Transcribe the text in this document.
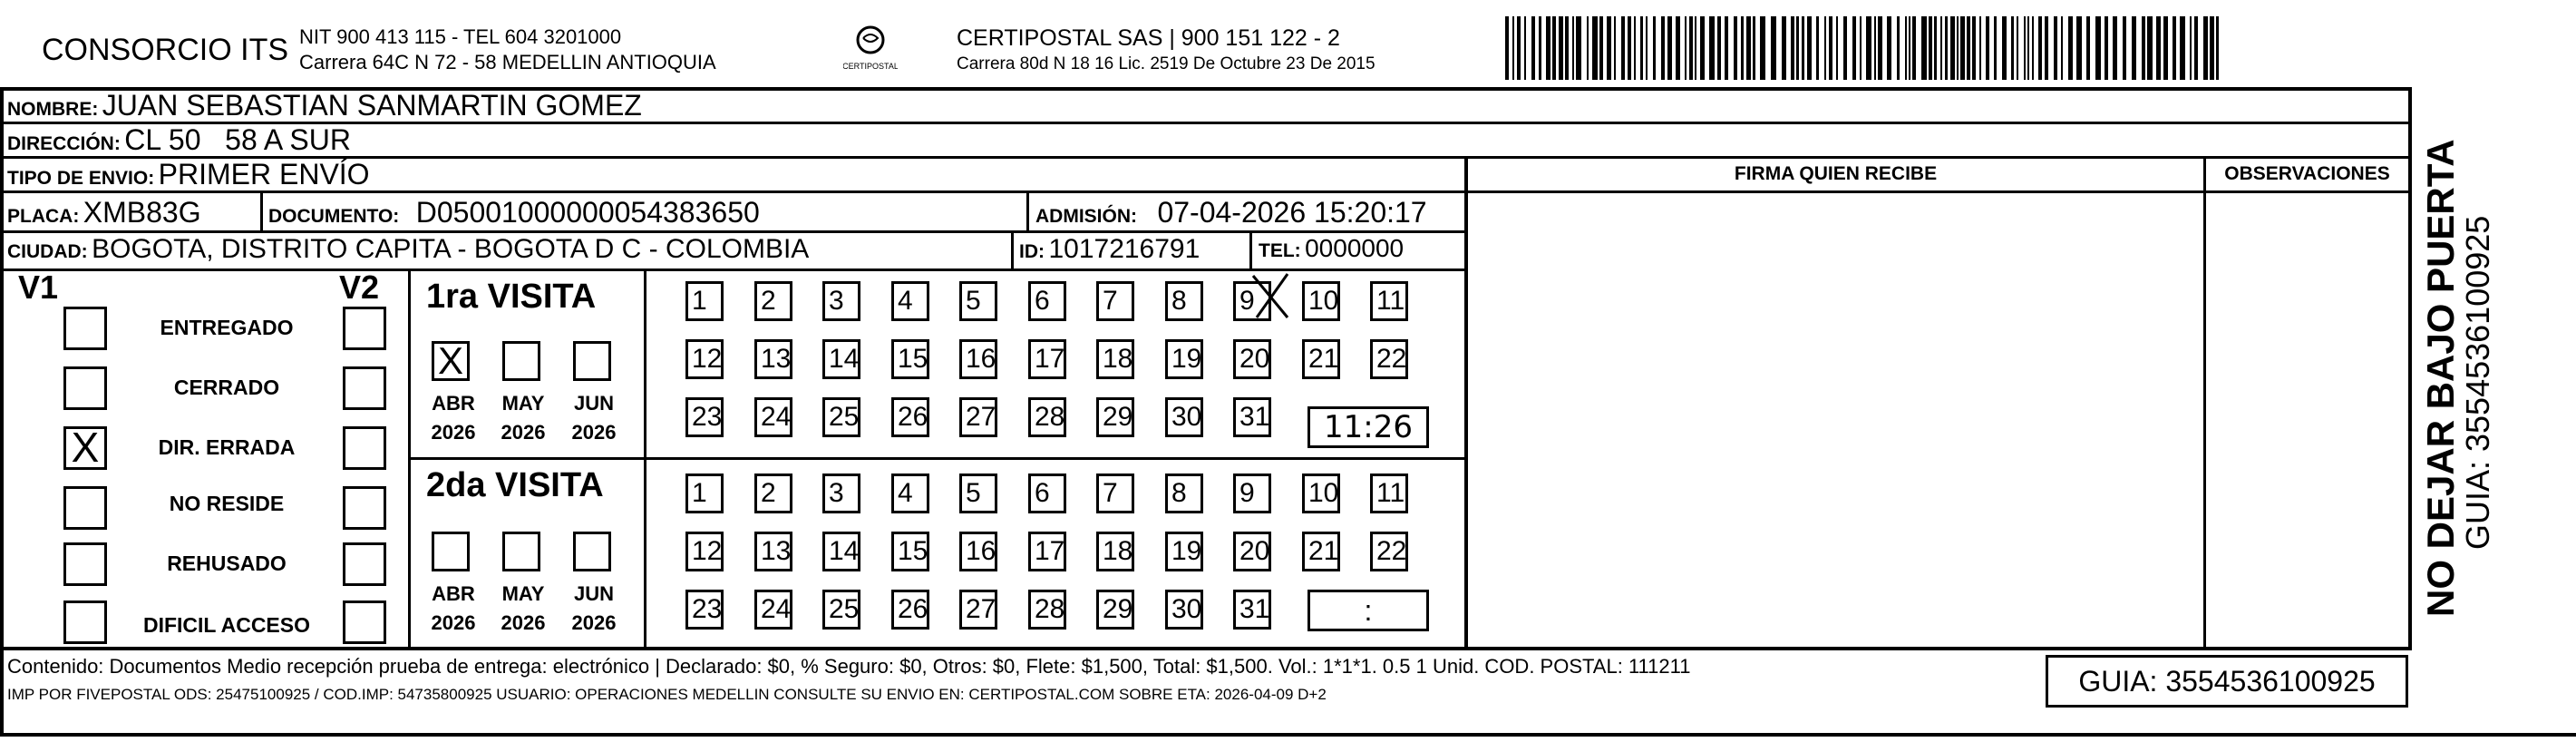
CONSORCIO ITS NIT 900 413 115 - TEL 604 3201000
Carrera 64C N 72 - 58 MEDELLIN ANTIOQUIA	CERTIPOSTAL
CERTIPOSTAL SAS | 900 151 122 - 2
Carrera 80d N 18 16 Lic. 2519 De Octubre 23 De 2015
NOMBRE: JUAN SEBASTIAN SANMARTIN GOMEZ
DIRECCIÓN: CL 50   58 A SUR
TIPO DE ENVIO: PRIMER ENVÍO
PLACA: XMB83G	DOCUMENTO: D05001000000054383650	ADMISIÓN: 07-04-2026 15:20:17
CIUDAD: BOGOTA, DISTRITO CAPITA - BOGOTA D C - COLOMBIA	ID: 1017216791	TEL: 0000000
FIRMA QUIEN RECIBE	OBSERVACIONES
V1	V2
X
ENTREGADO
CERRADO
DIR. ERRADA
NO RESIDE
REHUSADO
DIFICIL ACCESO
1ra VISITA
X
ABR MAY	JUN
2026 2026 2026
2da VISITA
ABR MAY	JUN
2026 2026 2026
1	2	3	4	5	6	7	8	9	10 11
12 13 14 15 16 17 18 19 20 21 22
23 24 25 26 27 28 29 30 31
1	2	3	4	5	6	7	8	9	10 11
12 13 14 15 16 17 18 19 20 21 22
23 24 25 26 27 28 29 30 31
11:26
:
Contenido: Documentos Medio recepción prueba de entrega: electrónico | Declarado: $0, % Seguro: $0, Otros: $0, Flete: $1,500, Total: $1,500. Vol.: 1*1*1. 0.5 1 Unid. COD. POSTAL: 111211
IMP POR FIVEPOSTAL ODS: 25475100925 / COD.IMP: 54735800925 USUARIO: OPERACIONES MEDELLIN CONSULTE SU ENVIO EN: CERTIPOSTAL.COM SOBRE ETA: 2026-04-09 D+2	GUIA: 3554536100925
NO DEJAR BAJO PUERTA
GUIA: 3554536100925
